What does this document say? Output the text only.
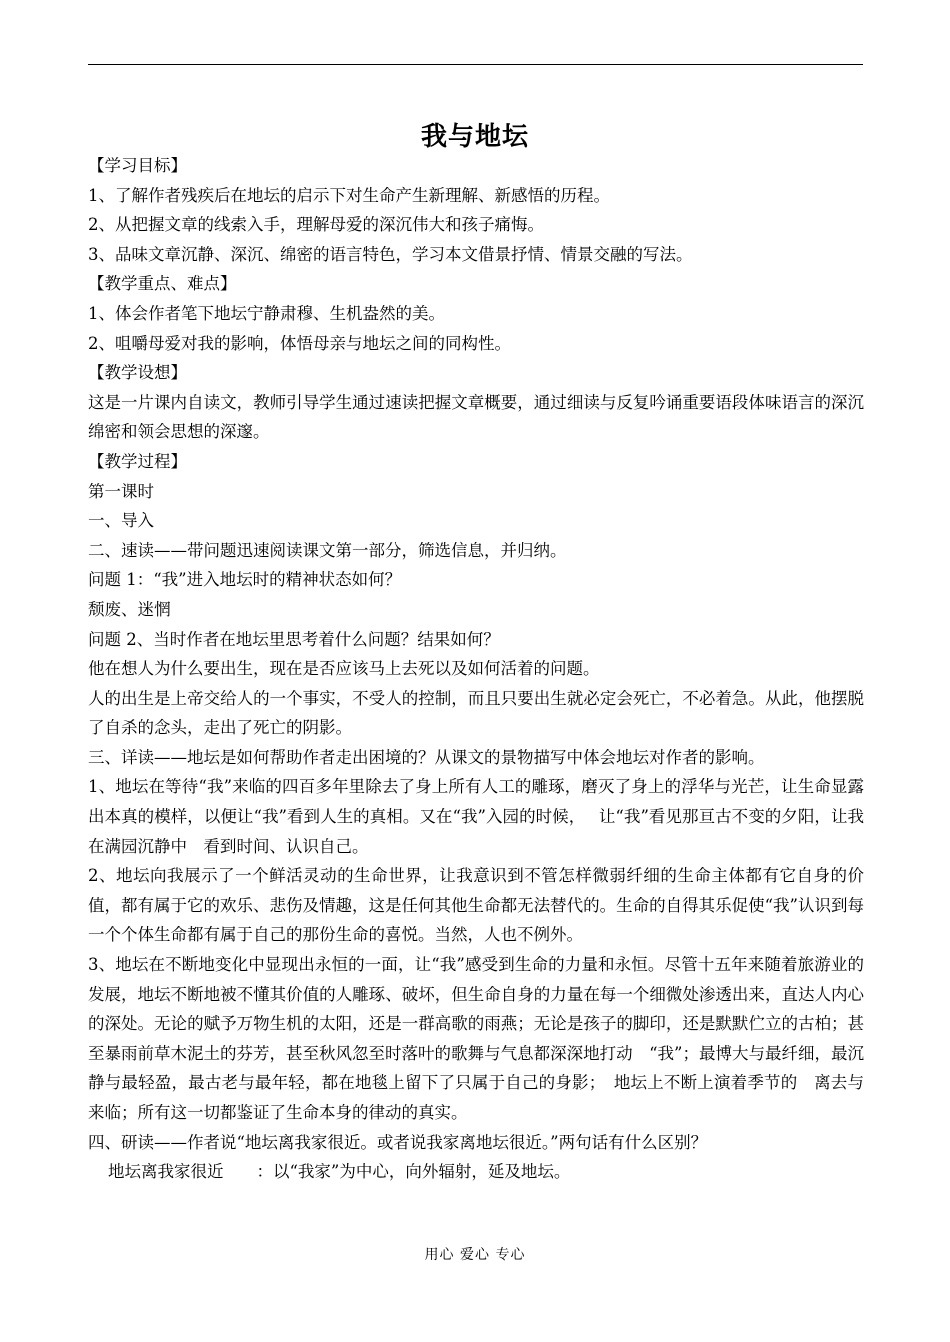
我与地坛
【学习目标】
1、了解作者残疾后在地坛的启示下对生命产生新理解、新感悟的历程。
2、从把握文章的线索入手，理解母爱的深沉伟大和孩子痛悔。
3、品味文章沉静、深沉、绵密的语言特色，学习本文借景抒情、情景交融的写法。
【教学重点、难点】
1、体会作者笔下地坛宁静肃穆、生机盎然的美。
2、咀嚼母爱对我的影响，体悟母亲与地坛之间的同构性。
【教学设想】
这是一片课内自读文，教师引导学生通过速读把握文章概要，通过细读与反复吟诵重要语段体味语言的深沉绵密和领会思想的深邃。
【教学过程】
第一课时
一、导入
二、速读——带问题迅速阅读课文第一部分，筛选信息，并归纳。
问题 1：“我”进入地坛时的精神状态如何？
颓废、迷惘
问题 2、当时作者在地坛里思考着什么问题？结果如何？
他在想人为什么要出生，现在是否应该马上去死以及如何活着的问题。
人的出生是上帝交给人的一个事实，不受人的控制，而且只要出生就必定会死亡，不必着急。从此，他摆脱了自杀的念头，走出了死亡的阴影。
三、详读——地坛是如何帮助作者走出困境的？从课文的景物描写中体会地坛对作者的影响。
1、地坛在等待“我”来临的四百多年里除去了身上所有人工的雕琢，磨灭了身上的浮华与光芒，让生命显露出本真的模样，以便让“我”看到人生的真相。又在“我”入园的时候，　 让“我”看见那亘古不变的夕阳，让我在满园沉静中　看到时间、认识自己。
2、地坛向我展示了一个鲜活灵动的生命世界，让我意识到不管怎样微弱纤细的生命主体都有它自身的价值，都有属于它的欢乐、悲伤及情趣，这是任何其他生命都无法替代的。生命的自得其乐促使“我”认识到每一个个体生命都有属于自己的那份生命的喜悦。当然，人也不例外。
3、地坛在不断地变化中显现出永恒的一面，让“我”感受到生命的力量和永恒。尽管十五年来随着旅游业的发展，地坛不断地被不懂其价值的人雕琢、破坏，但生命自身的力量在每一个细微处渗透出来，直达人内心的深处。无论的赋予万物生机的太阳，还是一群高歌的雨燕；无论是孩子的脚印，还是默默伫立的古柏；甚至暴雨前草木泥土的芬芳，甚至秋风忽至时落叶的歌舞与气息都深深地打动　“我”；最博大与最纤细，最沉静与最轻盈，最古老与最年轻，都在地毯上留下了只属于自己的身影；　地坛上不断上演着季节的　离去与来临；所有这一切都鉴证了生命本身的律动的真实。
四、研读——作者说“地坛离我家很近。或者说我家离地坛很近。”两句话有什么区别？
地坛离我家很近　　：以“我家”为中心，向外辐射，延及地坛。
用心 爱心 专心
